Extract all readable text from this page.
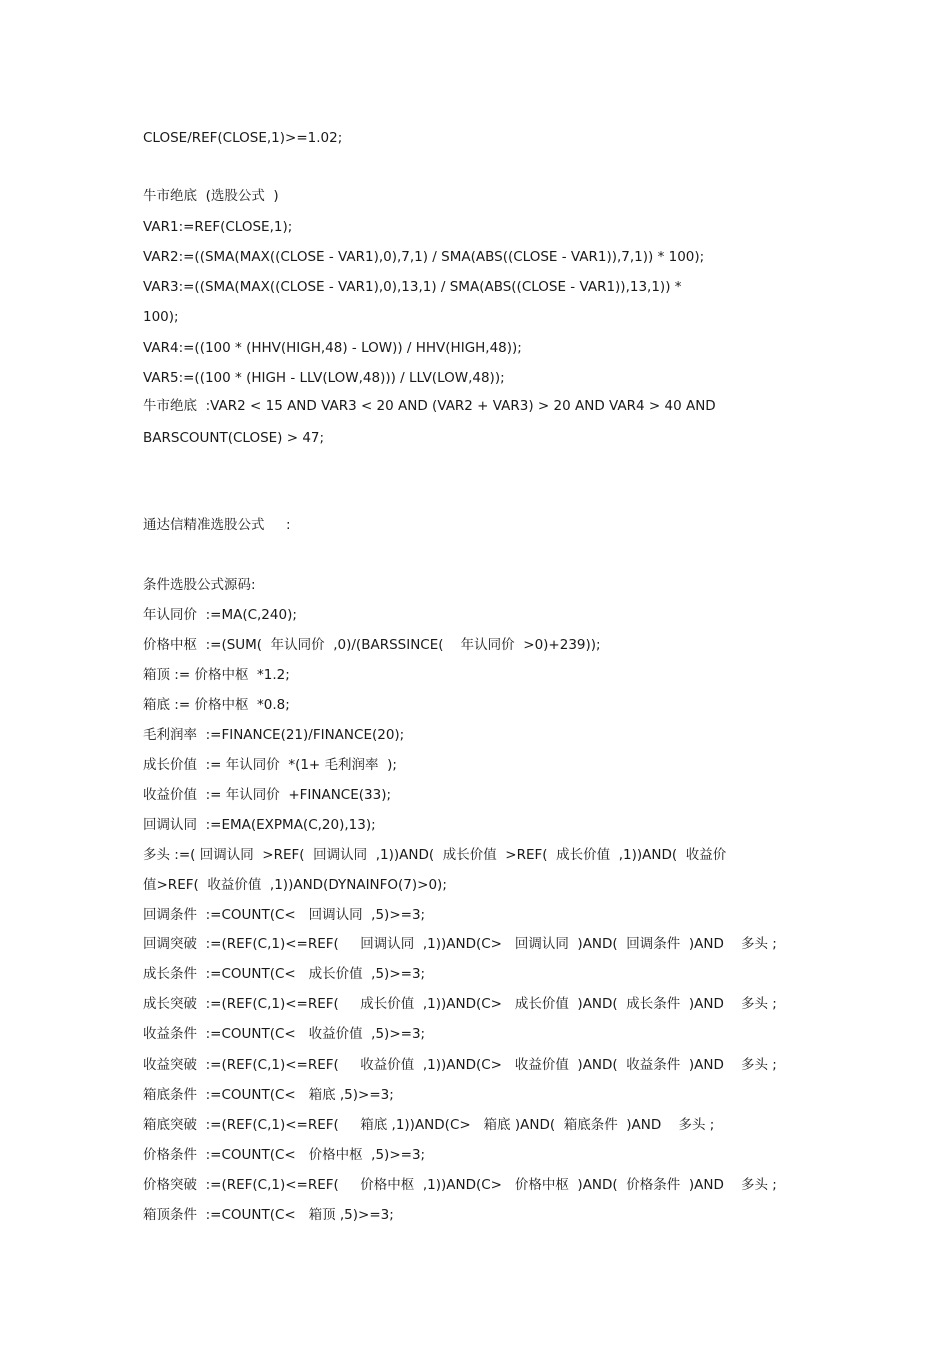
CLOSE/REF(CLOSE,1)>=1.02;
牛市绝底  (选股公式  )
VAR1:=REF(CLOSE,1);
VAR2:=((SMA(MAX((CLOSE - VAR1),0),7,1) / SMA(ABS((CLOSE - VAR1)),7,1)) * 100);
VAR3:=((SMA(MAX((CLOSE - VAR1),0),13,1) / SMA(ABS((CLOSE - VAR1)),13,1)) *
100);
VAR4:=((100 * (HHV(HIGH,48) - LOW)) / HHV(HIGH,48));
VAR5:=((100 * (HIGH - LLV(LOW,48))) / LLV(LOW,48));
牛市绝底  :VAR2 < 15 AND VAR3 < 20 AND (VAR2 + VAR3) > 20 AND VAR4 > 40 AND
BARSCOUNT(CLOSE) > 47;
通达信精准选股公式     :
条件选股公式源码:
年认同价  :=MA(C,240);
价格中枢  :=(SUM(  年认同价  ,0)/(BARSSINCE(    年认同价  >0)+239));
箱顶 := 价格中枢  *1.2;
箱底 := 价格中枢  *0.8;
毛利润率  :=FINANCE(21)/FINANCE(20);
成长价值  := 年认同价  *(1+ 毛利润率  );
收益价值  := 年认同价  +FINANCE(33);
回调认同  :=EMA(EXPMA(C,20),13);
多头 :=( 回调认同  >REF(  回调认同  ,1))AND(  成长价值  >REF(  成长价值  ,1))AND(  收益价
值>REF(  收益价值  ,1))AND(DYNAINFO(7)>0);
回调条件  :=COUNT(C<   回调认同  ,5)>=3;
回调突破  :=(REF(C,1)<=REF(     回调认同  ,1))AND(C>   回调认同  )AND(  回调条件  )AND    多头 ;
成长条件  :=COUNT(C<   成长价值  ,5)>=3;
成长突破  :=(REF(C,1)<=REF(     成长价值  ,1))AND(C>   成长价值  )AND(  成长条件  )AND    多头 ;
收益条件  :=COUNT(C<   收益价值  ,5)>=3;
收益突破  :=(REF(C,1)<=REF(     收益价值  ,1))AND(C>   收益价值  )AND(  收益条件  )AND    多头 ;
箱底条件  :=COUNT(C<   箱底 ,5)>=3;
箱底突破  :=(REF(C,1)<=REF(     箱底 ,1))AND(C>   箱底 )AND(  箱底条件  )AND    多头 ;
价格条件  :=COUNT(C<   价格中枢  ,5)>=3;
价格突破  :=(REF(C,1)<=REF(     价格中枢  ,1))AND(C>   价格中枢  )AND(  价格条件  )AND    多头 ;
箱顶条件  :=COUNT(C<   箱顶 ,5)>=3;
